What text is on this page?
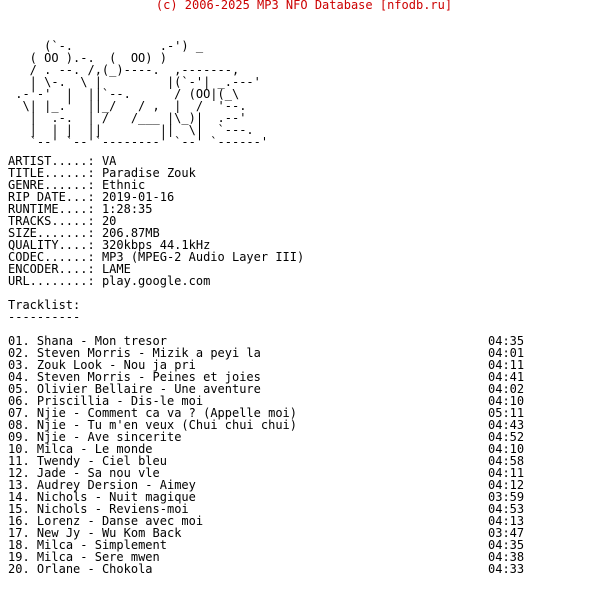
(c) 2006-2025 MP3 NFO Database [nfodb.ru]

(`-.            .-') _
( OO ).-.  (  OO) )
/ . --. /,(_)----.  ,-------,
| \-.  \ |         |(`-'| _.---'
.-'-'  |  ||`--.      / (OO|(_\
\| |_.'  ||_/   / ,  |  /  '--.
|  .-.  | /   /___ |\_)|  .--'
|  | |  ||        ||  \|  `---.
`--' `--'`--------' `--' `------'
ARTIST.....: VA
TITLE......: Paradise Zouk
GENRE......: Ethnic
RIP DATE...: 2019-01-16
RUNTIME....: 1:28:35
TRACKS.....: 20
SIZE.......: 206.87MB
QUALITY....: 320kbps 44.1kHz
CODEC......: MP3 (MPEG-2 Audio Layer III)
ENCODER....: LAME
URL........: play.google.com
Tracklist:
----------
01. Shana - Mon tresor	04:35
02. Steven Morris - Mizik a peyi la	04:01
03. Zouk Look - Nou ja pri	04:11
04. Steven Morris - Peines et joies	04:41
05. Olivier Bellaire - Une aventure	04:02
06. Priscillia - Dis-le moi	04:10
07. Njie - Comment ca va ? (Appelle moi)	05:11
08. Njie - Tu m'en veux (Chui chui chui)	04:43
09. Njie - Ave sincerite	04:52
10. Milca - Le monde	04:10
11. Twendy - Ciel bleu	04:58
12. Jade - Sa nou vle	04:11
13. Audrey Dersion - Aimey	04:12
14. Nichols - Nuit magique	03:59
15. Nichols - Reviens-moi	04:53
16. Lorenz - Danse avec moi	04:13
17. New Jy - Wu Kom Back	03:47
18. Milca - Simplement	04:35
19. Milca - Sere mwen	04:38
20. Orlane - Chokola	04:33
